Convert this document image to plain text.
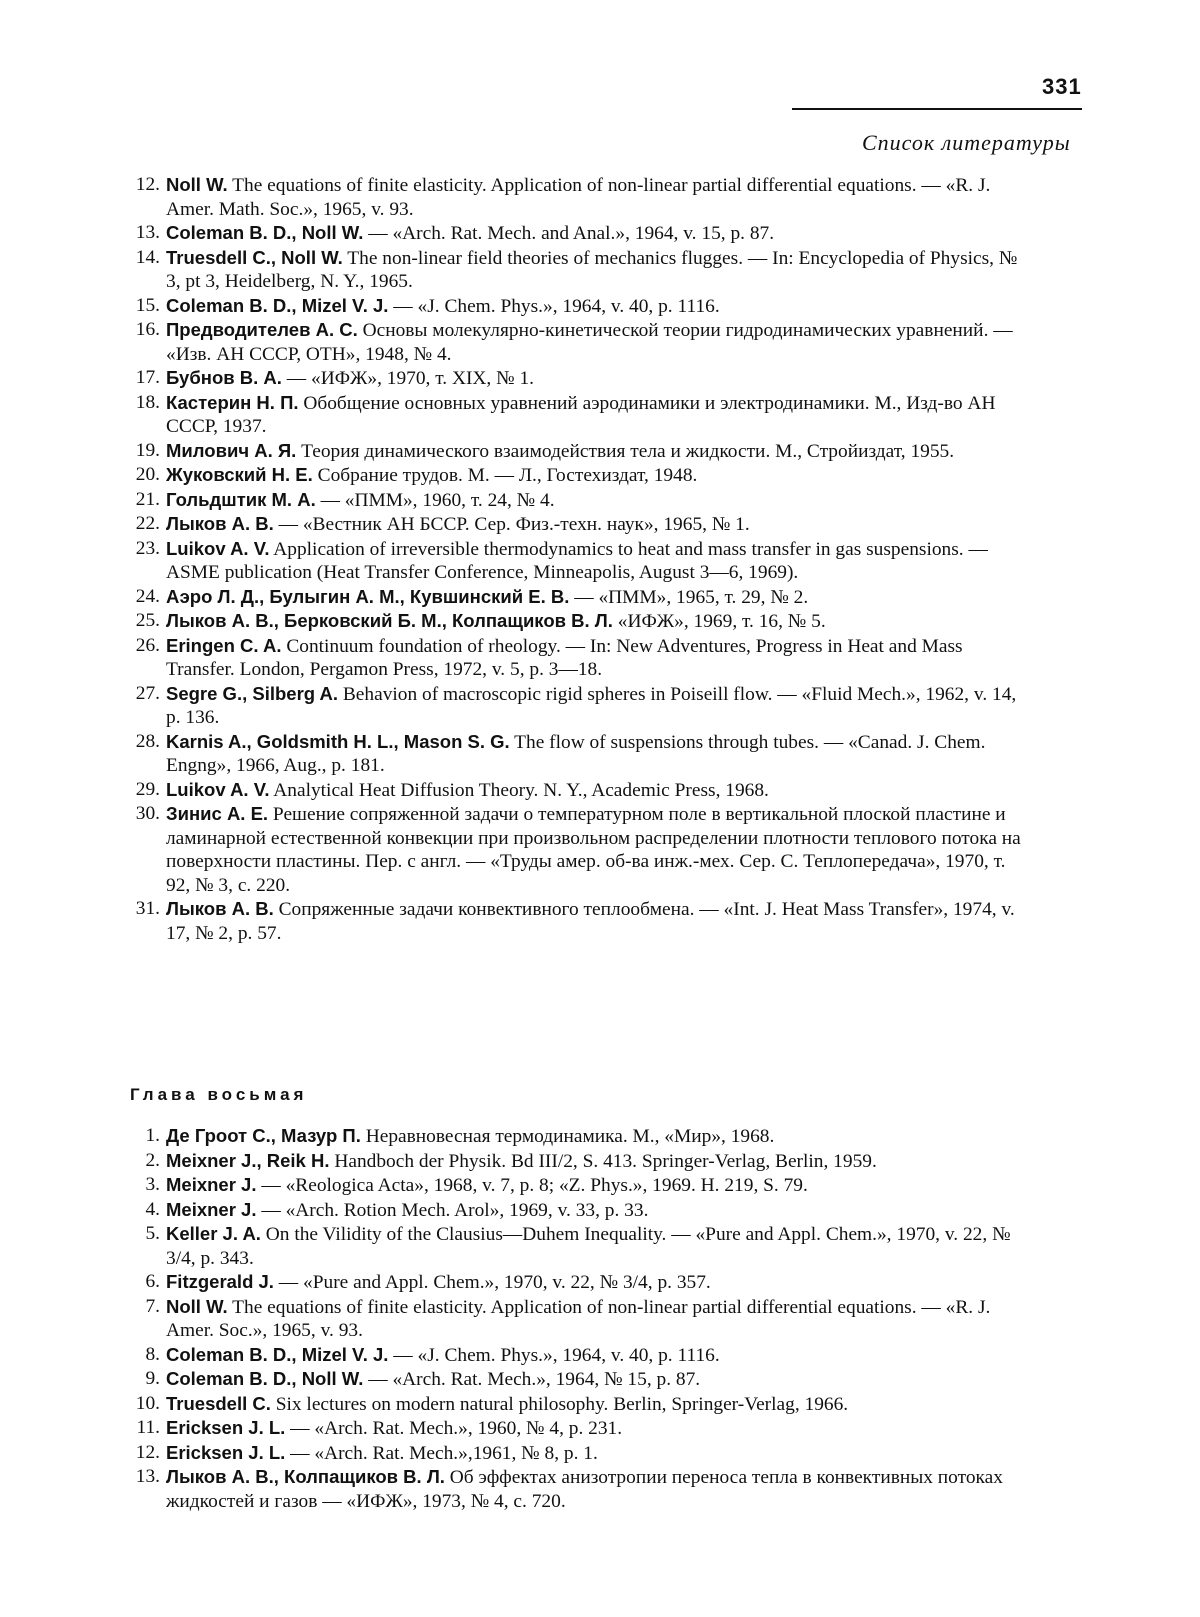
331
Список литературы
12. Noll W. The equations of finite elasticity. Application of non-linear partial differential equations. — «R. J. Amer. Math. Soc.», 1965, v. 93.
13. Coleman B. D., Noll W. — «Arch. Rat. Mech. and Anal.», 1964, v. 15, p. 87.
14. Truesdell C., Noll W. The non-linear field theories of mechanics flugges. — In: Encyclopedia of Physics, № 3, pt 3, Heidelberg, N. Y., 1965.
15. Coleman B. D., Mizel V. J. — «J. Chem. Phys.», 1964, v. 40, p. 1116.
16. Предводителев А. С. Основы молекулярно-кинетической теории гидродинамических уравнений. — «Изв. АН СССР, ОТН», 1948, № 4.
17. Бубнов В. А. — «ИФЖ», 1970, т. XIX, № 1.
18. Кастерин Н. П. Обобщение основных уравнений аэродинамики и электродинамики. М., Изд-во АН СССР, 1937.
19. Милович А. Я. Теория динамического взаимодействия тела и жидкости. М., Стройиздат, 1955.
20. Жуковский Н. Е. Собрание трудов. М. — Л., Гостехиздат, 1948.
21. Гольдштик М. А. — «ПММ», 1960, т. 24, № 4.
22. Лыков А. В. — «Вестник АН БССР. Сер. Физ.-техн. наук», 1965, № 1.
23. Luikov A. V. Application of irreversible thermodynamics to heat and mass transfer in gas suspensions. — ASME publication (Heat Transfer Conference, Minneapolis, August 3—6, 1969).
24. Аэро Л. Д., Булыгин А. М., Кувшинский Е. В. — «ПММ», 1965, т. 29, № 2.
25. Лыков А. В., Берковский Б. М., Колпащиков В. Л. «ИФЖ», 1969, т. 16, № 5.
26. Eringen C. A. Continuum foundation of rheology. — In: New Adventures, Progress in Heat and Mass Transfer. London, Pergamon Press, 1972, v. 5, p. 3—18.
27. Segre G., Silberg A. Behavion of macroscopic rigid spheres in Poiseill flow. — «Fluid Mech.», 1962, v. 14, p. 136.
28. Karnis A., Goldsmith H. L., Mason S. G. The flow of suspensions through tubes. — «Canad. J. Chem. Engng», 1966, Aug., p. 181.
29. Luikov A. V. Analytical Heat Diffusion Theory. N. Y., Academic Press, 1968.
30. Зинис А. Е. Решение сопряженной задачи о температурном поле в вертикальной плоской пластине и ламинарной естественной конвекции при произвольном распределении плотности теплового потока на поверхности пластины. Пер. с англ. — «Труды амер. об-ва инж.-мех. Сер. С. Теплопередача», 1970, т. 92, № 3, с. 220.
31. Лыков А. В. Сопряженные задачи конвективного теплообмена. — «Int. J. Heat Mass Transfer», 1974, v. 17, № 2, p. 57.
Глава восьмая
1. Де Гроот С., Мазур П. Неравновесная термодинамика. М., «Мир», 1968.
2. Meixner J., Reik H. Handboch der Physik. Bd III/2, S. 413. Springer-Verlag, Berlin, 1959.
3. Meixner J. — «Reologica Acta», 1968, v. 7, p. 8; «Z. Phys.», 1969. H. 219, S. 79.
4. Meixner J. — «Arch. Rotion Mech. Arol», 1969, v. 33, p. 33.
5. Keller J. A. On the Vilidity of the Clausius—Duhem Inequality. — «Pure and Appl. Chem.», 1970, v. 22, № 3/4, p. 343.
6. Fitzgerald J. — «Pure and Appl. Chem.», 1970, v. 22, № 3/4, p. 357.
7. Noll W. The equations of finite elasticity. Application of non-linear partial differential equations. — «R. J. Amer. Soc.», 1965, v. 93.
8. Coleman B. D., Mizel V. J. — «J. Chem. Phys.», 1964, v. 40, p. 1116.
9. Coleman B. D., Noll W. — «Arch. Rat. Mech.», 1964, № 15, p. 87.
10. Truesdell C. Six lectures on modern natural philosophy. Berlin, Springer-Verlag, 1966.
11. Ericksen J. L. — «Arch. Rat. Mech.», 1960, № 4, p. 231.
12. Ericksen J. L. — «Arch. Rat. Mech.»,1961, № 8, p. 1.
13. Лыков А. В., Колпащиков В. Л. Об эффектах анизотропии переноса тепла в конвективных потоках жидкостей и газов — «ИФЖ», 1973, № 4, с. 720.
